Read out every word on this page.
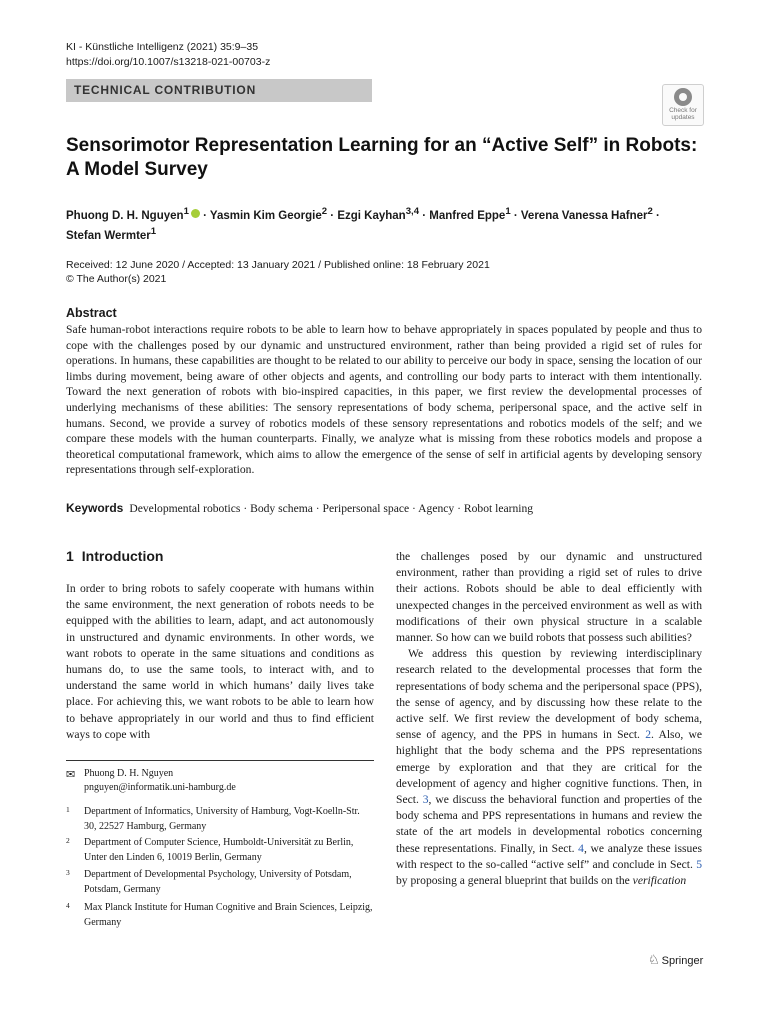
KI - Künstliche Intelligenz (2021) 35:9–35
https://doi.org/10.1007/s13218-021-00703-z
TECHNICAL CONTRIBUTION
Check for
updates
Sensorimotor Representation Learning for an “Active Self” in Robots:
A Model Survey
Phuong D. H. Nguyen$^1$ · Yasmin Kim Georgie$^2$ · Ezgi Kayhan$^{3,4}$ · Manfred Eppe$^1$ · Verena Vanessa Hafner$^2$ ·
Stefan Wermter$^1$
Received: 12 June 2020 / Accepted: 13 January 2021 / Published online: 18 February 2021
© The Author(s) 2021
Abstract

Safe human-robot interactions require robots to be able to learn how to behave appropriately in spaces populated by people and thus to cope with the challenges posed by our dynamic and unstructured environment, rather than being provided a rigid set of rules for operations. In humans, these capabilities are thought to be related to our ability to perceive our body in space, sensing the location of our limbs during movement, being aware of other objects and agents, and controlling our body parts to interact with them intentionally. Toward the next generation of robots with bio-inspired capacities, in this paper, we first review the developmental processes of underlying mechanisms of these abilities: The sensory representations of body schema, peripersonal space, and the active self in humans. Second, we provide a survey of robotics models of these sensory representations and robotics models of the self; and we compare these models with the human counterparts. Finally, we analyze what is missing from these robotics models and propose a theoretical computational framework, which aims to allow the emergence of the sense of self in artificial agents by developing sensory representations through self-exploration.

Keywords Developmental robotics · Body schema · Peripersonal space · Agency · Robot learning
1 Introduction

In order to bring robots to safely cooperate with humans within the same environment, the next generation of robots needs to be equipped with the abilities to learn, adapt, and act autonomously in unstructured and dynamic environments. In other words, we want robots to operate in the same situations and conditions as humans do, to use the same tools, to interact with, and to understand the same world in which humans’ daily lives take place. For achieving this, we want robots to be able to learn how to behave appropriately in our world and thus to find efficient ways to cope with

✉ Phuong D. H. Nguyen
pnguyen@informatik.uni-hamburg.de
1 Department of Informatics, University of Hamburg, Vogt-Koelln-Str. 30, 22527 Hamburg, Germany
2 Department of Computer Science, Humboldt-Universität zu Berlin, Unter den Linden 6, 10019 Berlin, Germany
3 Department of Developmental Psychology, University of Potsdam, Potsdam, Germany
4 Max Planck Institute for Human Cognitive and Brain Sciences, Leipzig, Germany

the challenges posed by our dynamic and unstructured environment, rather than providing a rigid set of rules to drive their actions. Robots should be able to deal efficiently with unexpected changes in the perceived environment as well as with modifications of their own physical structure in a scalable manner. So how can we build robots that possess such abilities?

We address this question by reviewing interdisciplinary research related to the developmental processes that form the representations of body schema and the peripersonal space (PPS), the sense of agency, and by discussing how these relate to the active self. We first review the development of body schema, sense of agency, and the PPS in humans in Sect. 2. Also, we highlight that the body schema and the PPS representations emerge by exploration and that they are critical for the development of agency and higher cognitive functions. Then, in Sect. 3, we discuss the behavioral function and properties of the body schema and PPS representations in humans and review the state of the art models in developmental robotics concerning these representations. Finally, in Sect. 4, we analyze these issues with respect to the so-called “active self” and conclude in Sect. 5 by proposing a general blueprint that builds on the verification

♘ Springer
